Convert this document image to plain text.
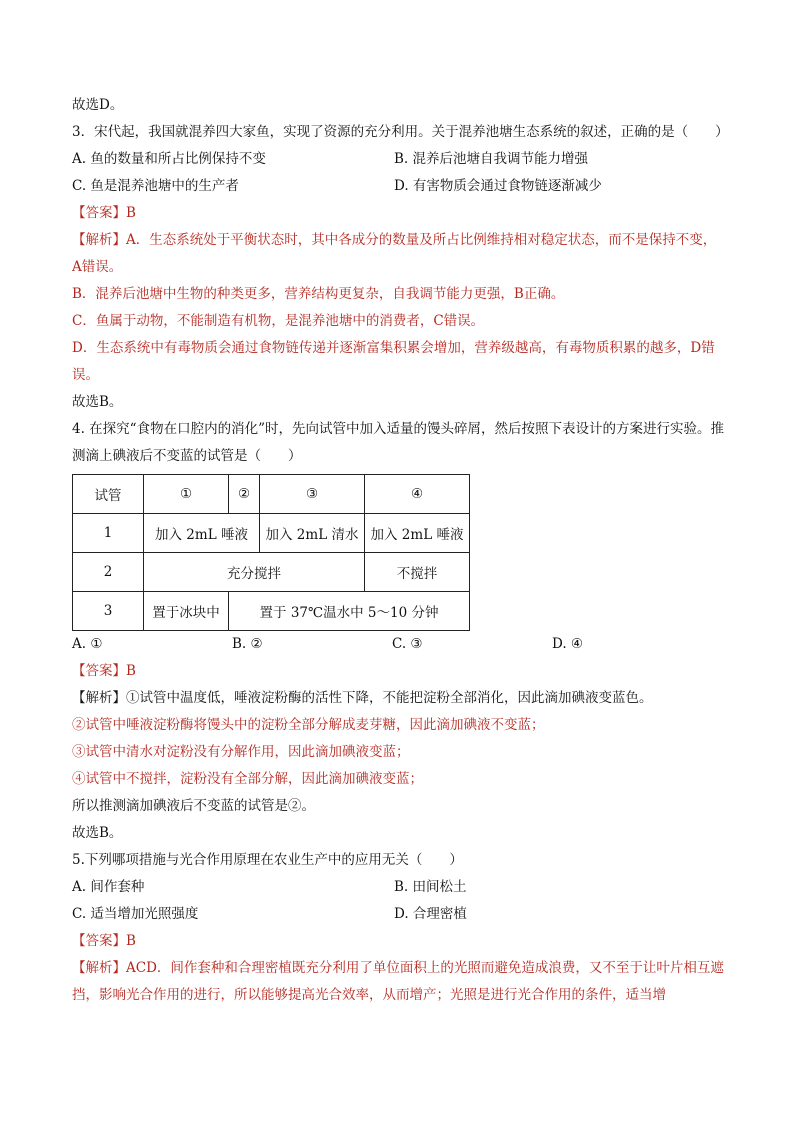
故选D。
3．宋代起，我国就混养四大家鱼，实现了资源的充分利用。关于混养池塘生态系统的叙述，正确的是（　　）
A. 鱼的数量和所占比例保持不变	B. 混养后池塘自我调节能力增强
C. 鱼是混养池塘中的生产者	D. 有害物质会通过食物链逐渐减少
【答案】B
【解析】A．生态系统处于平衡状态时，其中各成分的数量及所占比例维持相对稳定状态，而不是保持不变，A错误。
B．混养后池塘中生物的种类更多，营养结构更复杂，自我调节能力更强，B正确。
C．鱼属于动物，不能制造有机物，是混养池塘中的消费者，C错误。
D．生态系统中有毒物质会通过食物链传递并逐渐富集积累会增加，营养级越高，有毒物质积累的越多，D错误。
故选B。
4. 在探究“食物在口腔内的消化”时，先向试管中加入适量的馒头碎屑，然后按照下表设计的方案进行实验。推测滴上碘液后不变蓝的试管是（　　）
试管	①	②	③	④
1	加入 2mL 唾液		加入 2mL 清水	加入 2mL 唾液
2	充分搅拌			不搅拌
3	置于冰块中	置于 37℃温水中 5～10 分钟		
A. ①	B. ②	C. ③	D. ④
【答案】B
【解析】①试管中温度低，唾液淀粉酶的活性下降，不能把淀粉全部消化，因此滴加碘液变蓝色。
②试管中唾液淀粉酶将馒头中的淀粉全部分解成麦芽糖，因此滴加碘液不变蓝；
③试管中清水对淀粉没有分解作用，因此滴加碘液变蓝；
④试管中不搅拌，淀粉没有全部分解，因此滴加碘液变蓝；
所以推测滴加碘液后不变蓝的试管是②。
故选B。
5.下列哪项措施与光合作用原理在农业生产中的应用无关（　　）
A. 间作套种	B. 田间松土
C. 适当增加光照强度	D. 合理密植
【答案】B
【解析】ACD．间作套种和合理密植既充分利用了单位面积上的光照而避免造成浪费，又不至于让叶片相互遮挡，影响光合作用的进行，所以能够提高光合效率，从而增产；光照是进行光合作用的条件，适当增
